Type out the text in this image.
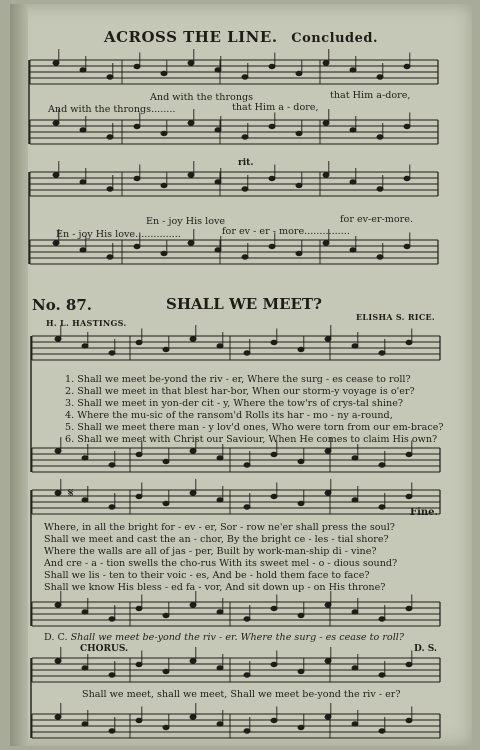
ACROSS THE LINE. Concluded.
And with the throngs	that Him a-dore,
And with the throngs........	that Him a - dore,
rit.
En - joy His love	for ev-er-more.
En - joy His love...............	for ev - er - more...............
No. 87.	SHALL WE MEET?
H. L. HASTINGS.
ELISHA S. RICE.
1. Shall we meet be-yond the riv - er, Where the surg - es cease to roll?
2. Shall we meet in that blest har-bor, When our storm-y voyage is o'er?
3. Shall we meet in yon-der cit - y, Where the tow'rs of crys-tal shine?
4. Where the mu-sic of the ransom'd Rolls its har - mo - ny a-round,
5. Shall we meet there man - y lov'd ones, Who were torn from our em-brace?
6. Shall we meet with Christ our Saviour, When He comes to claim His own?
𝄋
Fine.
Where, in all the bright for - ev - er, Sor - row ne'er shall press the soul?
Shall we meet and cast the an - chor, By the bright ce - les - tial shore?
Where the walls are all of jas - per, Built by work-man-ship di - vine?
And cre - a - tion swells the cho-rus With its sweet mel - o - dious sound?
Shall we lis - ten to their voic - es, And be - hold them face to face?
Shall we know His bless - ed fa - vor, And sit down up - on His throne?
D. C. Shall we meet be-yond the riv - er. Where the surg - es cease to roll?
CHORUS.	D. S.
Shall we meet, shall we meet, Shall we meet be-yond the riv - er?
